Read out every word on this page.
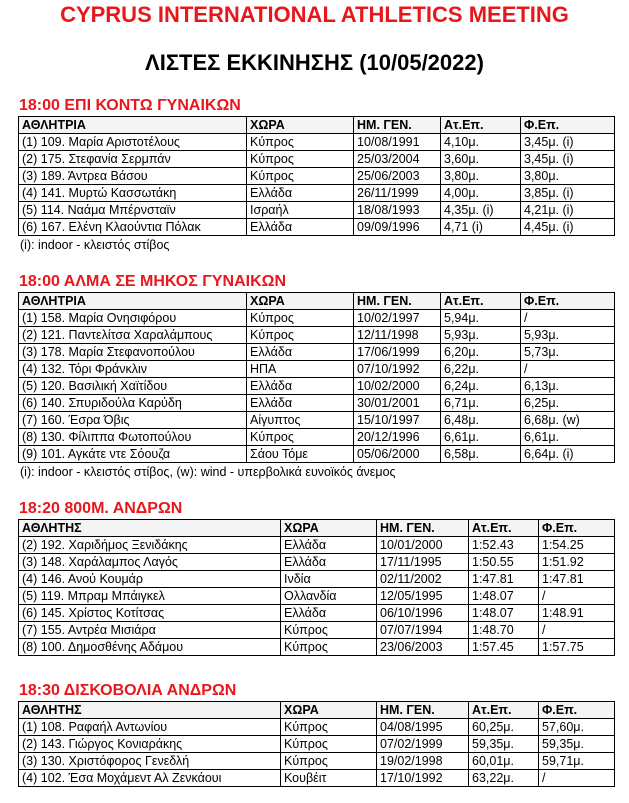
CYPRUS INTERNATIONAL ATHLETICS MEETING
ΛΙΣΤΕΣ ΕΚΚΙΝΗΣΗΣ (10/05/2022)
18:00 ΕΠΙ ΚΟΝΤΩ ΓΥΝΑΙΚΩΝ
ΑΘΛΗΤΡΙΑ	ΧΩΡΑ	ΗΜ. ΓΕΝ.	Ατ.Επ.	Φ.Επ.
(1) 109. Μαρία Αριστοτέλους	Κύπρος	10/08/1991	4,10μ.	3,45μ. (i)
(2) 175. Στεφανία Σερμπάν	Κύπρος	25/03/2004	3,60μ.	3,45μ. (i)
(3) 189. Άντρεα Βάσου	Κύπρος	25/06/2003	3,80μ.	3,80μ.
(4) 141. Μυρτώ Κασσωτάκη	Ελλάδα	26/11/1999	4,00μ.	3,85μ. (i)
(5) 114. Ναάμα Μπέρνσταϊν	Ισραήλ	18/08/1993	4,35μ. (i)	4,21μ. (i)
(6) 167. Ελένη Κλαούντια Πόλακ	Ελλάδα	09/09/1996	4,71 (i)	4,45μ. (i)
(i): indoor - κλειστός στίβος
18:00 ΑΛΜΑ ΣΕ ΜΗΚΟΣ ΓΥΝΑΙΚΩΝ
ΑΘΛΗΤΡΙΑ	ΧΩΡΑ	ΗΜ. ΓΕΝ.	Ατ.Επ.	Φ.Επ.
(1) 158. Μαρία Ονησιφόρου	Κύπρος	10/02/1997	5,94μ.	/
(2) 121. Παντελίτσα Χαραλάμπους	Κύπρος	12/11/1998	5,93μ.	5,93μ.
(3) 178. Μαρία Στεφανοπούλου	Ελλάδα	17/06/1999	6,20μ.	5,73μ.
(4) 132. Τόρι Φράνκλιν	ΗΠΑ	07/10/1992	6,22μ.	/
(5) 120. Βασιλική Χαϊτίδου	Ελλάδα	10/02/2000	6,24μ.	6,13μ.
(6) 140. Σπυριδούλα Καρύδη	Ελλάδα	30/01/2001	6,71μ.	6,25μ.
(7) 160. Έσρα Όβις	Αίγυπτος	15/10/1997	6,48μ.	6,68μ. (w)
(8) 130. Φίλιππα Φωτοπούλου	Κύπρος	20/12/1996	6,61μ.	6,61μ.
(9) 101. Αγκάτε ντε Σόουζα	Σάου Τόμε	05/06/2000	6,58μ.	6,64μ. (i)
(i): indoor - κλειστός στίβος, (w): wind - υπερβολικά ευνοϊκός άνεμος
18:20 800Μ. ΑΝΔΡΩΝ
ΑΘΛΗΤΗΣ	ΧΩΡΑ	ΗΜ. ΓΕΝ.	Ατ.Επ.	Φ.Επ.
(2) 192. Χαριδήμος Ξενιδάκης	Ελλάδα	10/01/2000	1:52.43	1:54.25
(3) 148. Χαράλαμπος Λαγός	Ελλάδα	17/11/1995	1:50.55	1:51.92
(4) 146. Ανού Κουμάρ	Ινδία	02/11/2002	1:47.81	1:47.81
(5) 119. Μπραμ Μπάιγκελ	Ολλανδία	12/05/1995	1:48.07	/
(6) 145. Χρίστος Κοτίτσας	Ελλάδα	06/10/1996	1:48.07	1:48.91
(7) 155. Αντρέα Μισιάρα	Κύπρος	07/07/1994	1:48.70	/
(8) 100. Δημοσθένης Αδάμου	Κύπρος	23/06/2003	1:57.45	1:57.75
18:30 ΔΙΣΚΟΒΟΛΙΑ ΑΝΔΡΩΝ
ΑΘΛΗΤΗΣ	ΧΩΡΑ	ΗΜ. ΓΕΝ.	Ατ.Επ.	Φ.Επ.
(1) 108. Ραφαήλ Αντωνίου	Κύπρος	04/08/1995	60,25μ.	57,60μ.
(2) 143. Γιώργος Κονιαράκης	Κύπρος	07/02/1999	59,35μ.	59,35μ.
(3) 130. Χριστόφορος Γενεδλή	Κύπρος	19/02/1998	60,01μ.	59,71μ.
(4) 102. Έσα Μοχάμεντ Αλ Ζενκάουι	Κουβέιτ	17/10/1992	63,22μ.	/
